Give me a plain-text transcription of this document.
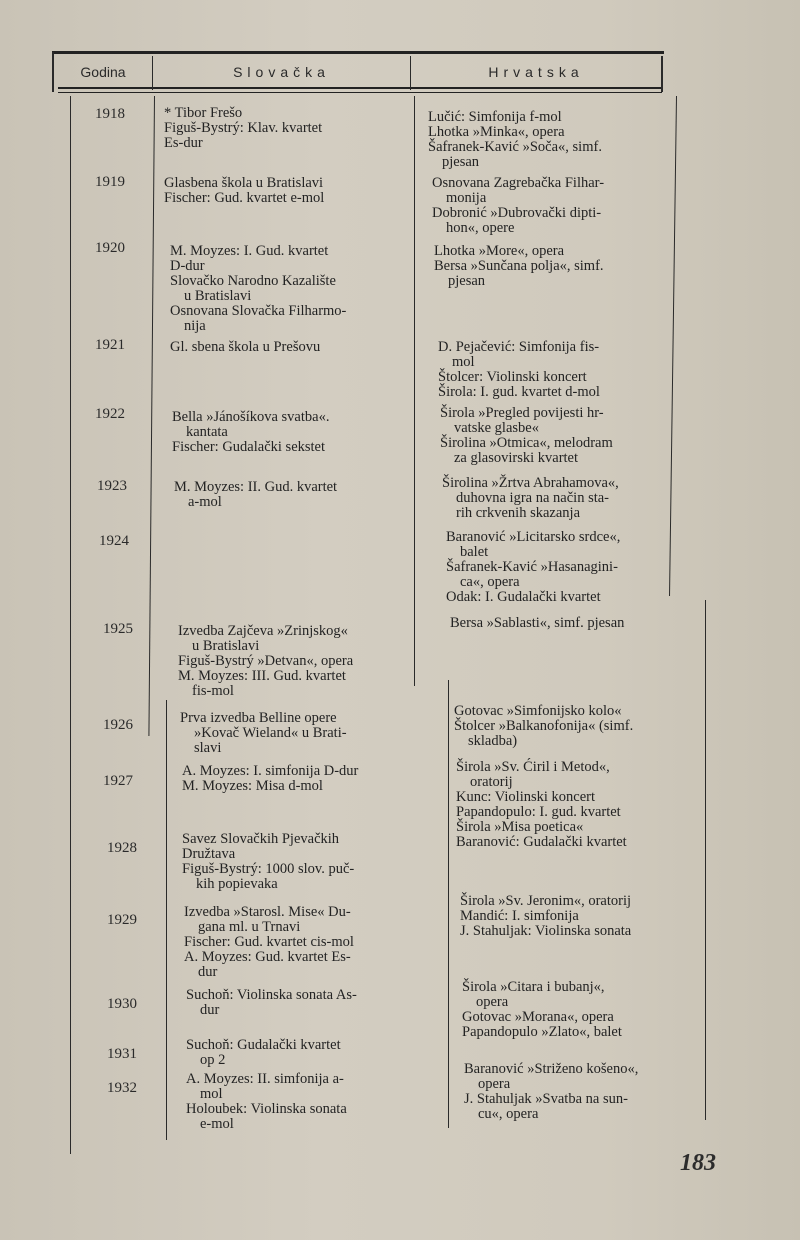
Godina	Slovačka	Hrvatska
1918
1919
1920
1921
1922
1923
1924
1925
1926
1927
1928
1929
1930
1931
1932
* Tibor Frešo
Figuš-Bystrý: Klav. kvartet
Es-dur
Glasbena škola u Bratislavi
Fischer: Gud. kvartet e-mol
M. Moyzes: I. Gud. kvartet
D-dur
Slovačko Narodno Kazalište
u Bratislavi
Osnovana Slovačka Filharmo-
nija
Gl. sbena škola u Prešovu
Bella »Jánošíkova svatba«.
kantata
Fischer: Gudalački sekstet
M. Moyzes: II. Gud. kvartet
a-mol
Izvedba Zajčeva »Zrinjskog«
u Bratislavi
Figuš-Bystrý »Detvan«, opera
M. Moyzes: III. Gud. kvartet
fis-mol
Prva izvedba Belline opere
»Kovač Wieland« u Brati-
slavi
A. Moyzes: I. simfonija D-dur
M. Moyzes: Misa d-mol
Savez Slovačkih Pjevačkih
Družtava
Figuš-Bystrý: 1000 slov. puč-
kih popievaka
Izvedba »Starosl. Mise« Du-
gana ml. u Trnavi
Fischer: Gud. kvartet cis-mol
A. Moyzes: Gud. kvartet Es-
dur
Suchoň: Violinska sonata As-
dur
Suchoň: Gudalački kvartet
op 2
A. Moyzes: II. simfonija a-
mol
Holoubek: Violinska sonata
e-mol
Lučić: Simfonija f-mol
Lhotka »Minka«, opera
Šafranek-Kavić »Soča«, simf.
pjesan
Osnovana Zagrebačka Filhar-
monija
Dobronić »Dubrovački dipti-
hon«, opere
Lhotka »More«, opera
Bersa »Sunčana polja«, simf.
pjesan
D. Pejačević: Simfonija fis-
mol
Štolcer: Violinski koncert
Širola: I. gud. kvartet d-mol
Širola »Pregled povijesti hr-
vatske glasbe«
Širolina »Otmica«, melodram
za glasovirski kvartet
Širolina »Žrtva Abrahamova«,
duhovna igra na način sta-
rih crkvenih skazanja
Baranović »Licitarsko srdce«,
balet
Šafranek-Kavić »Hasanagini-
ca«, opera
Odak: I. Gudalački kvartet
Bersa »Sablasti«, simf. pjesan
Gotovac »Simfonijsko kolo«
Štolcer »Balkanofonija« (simf.
skladba)
Širola »Sv. Ćiril i Metod«,
oratorij
Kunc: Violinski koncert
Papandopulo: I. gud. kvartet
Širola »Misa poetica«
Baranović: Gudalački kvartet
Širola »Sv. Jeronim«, oratorij
Mandić: I. simfonija
J. Stahuljak: Violinska sonata
Širola »Citara i bubanj«,
opera
Gotovac »Morana«, opera
Papandopulo »Zlato«, balet
Baranović »Striženo košeno«,
opera
J. Stahuljak »Svatba na sun-
cu«, opera
183
